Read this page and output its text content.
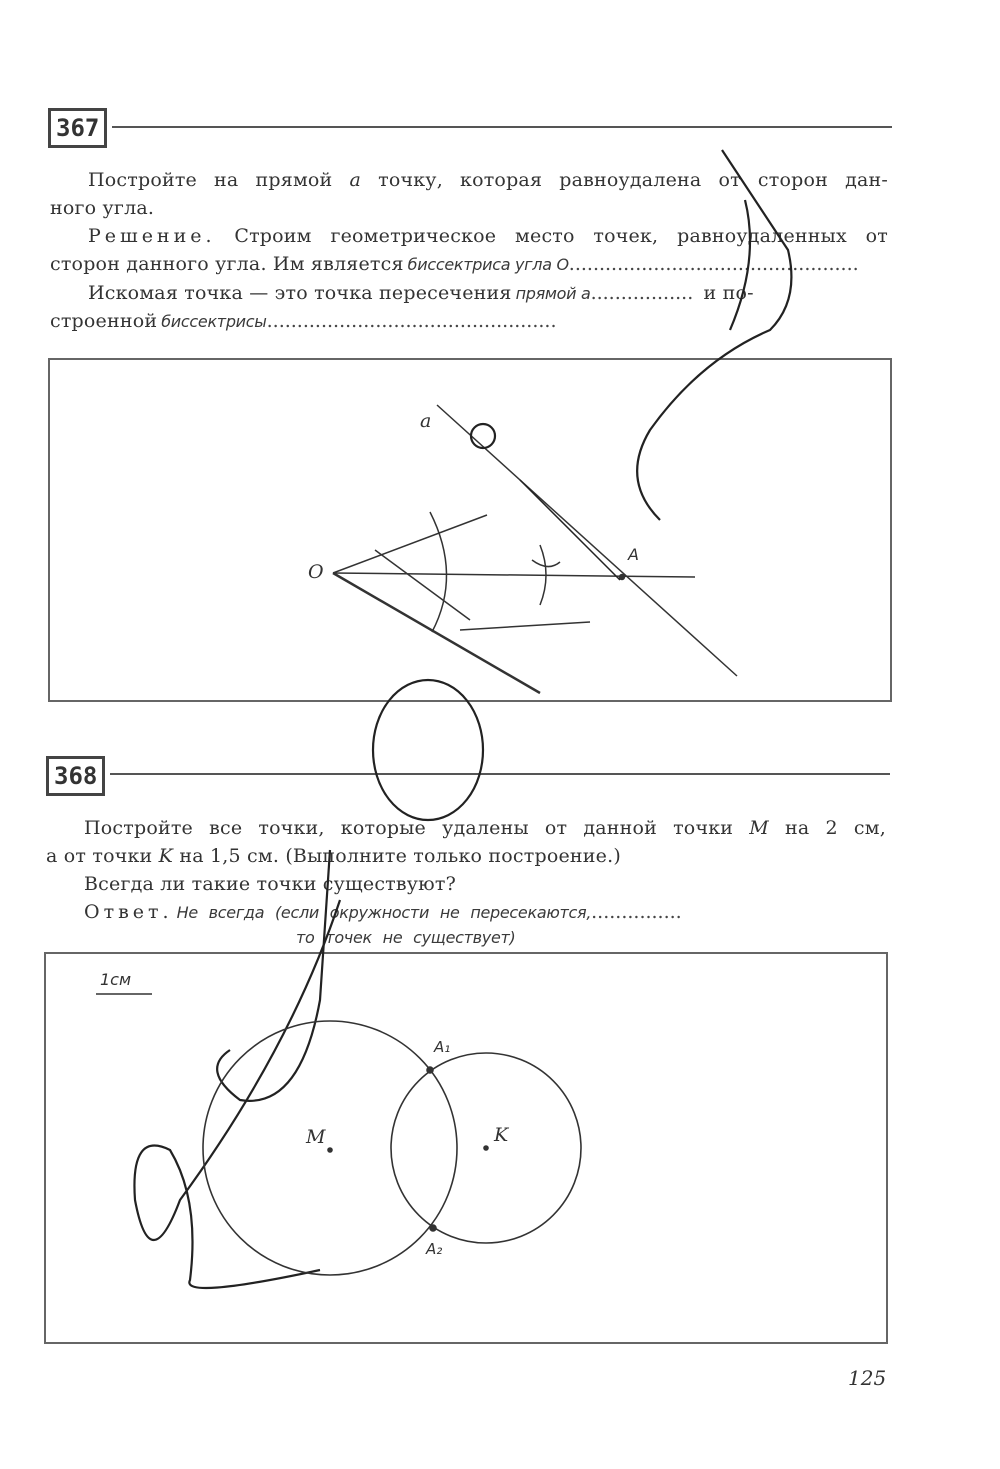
367
Постройте на прямой a точку, которая равноудалена от сторон дан-
ного угла.
Решение. Строим геометрическое место точек, равноудаленных от
сторон данного угла. Им является биссектриса угла O................................................
Искомая точка — это точка пересечения прямой a................. и по-
строенной биссектрисы................................................
368
Постройте все точки, которые удалены от данной точки M на 2 см,
а от точки K на 1,5 см. (Выполните только построение.)
Всегда ли такие точки существуют?
Ответ. Не всегда (если окружности не пересекаются,...............
то точек не существует)
a
O
A
1см
M	K
A₁
A₂
125
